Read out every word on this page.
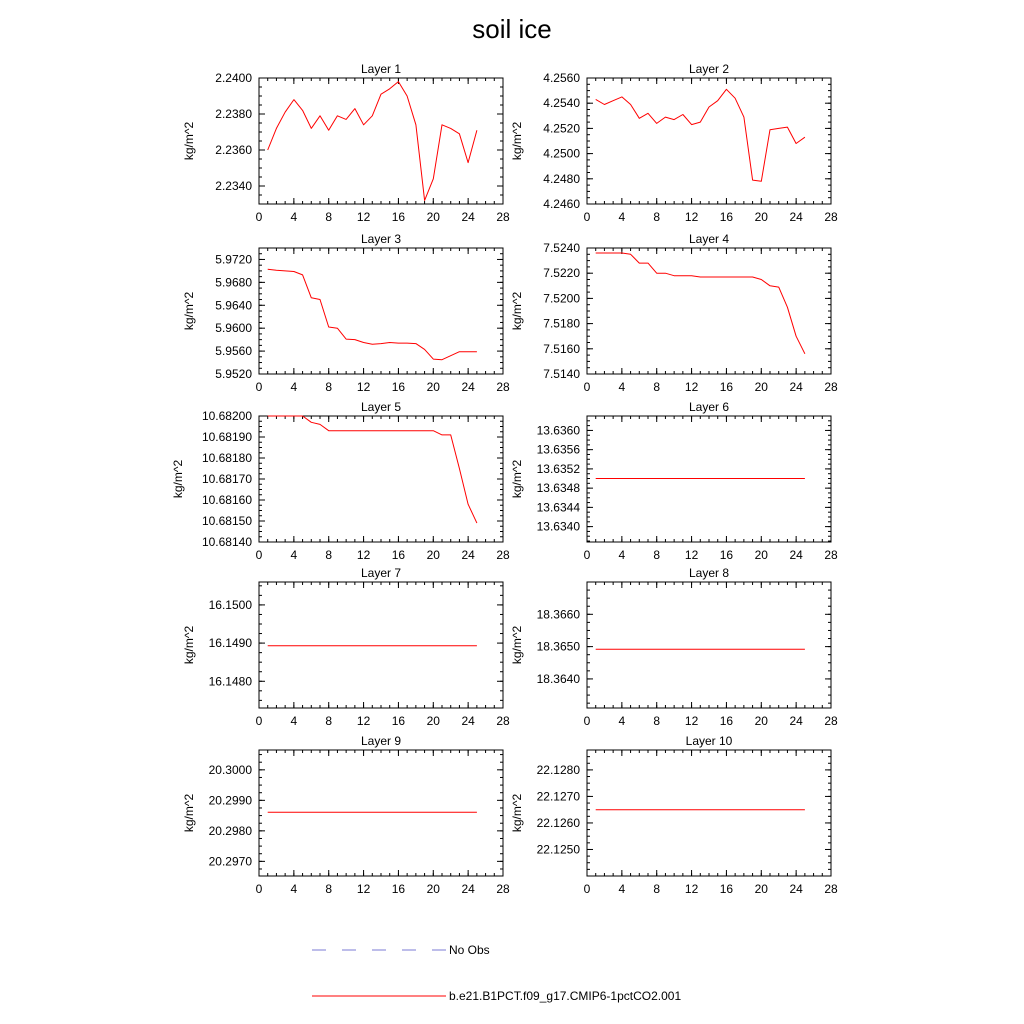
soil ice
Layer 1
0 4 8 12 16 20 24 28
2.2340
2.2360
2.2380
2.2400
kg/m^2
Layer 2
0 4 8 12 16 20 24 28
4.2460
4.2480
4.2500
4.2520
4.2540
4.2560
kg/m^2
Layer 3
0 4 8 12 16 20 24 28
5.9520
5.9560
5.9600
5.9640
5.9680
5.9720
kg/m^2
Layer 4
0 4 8 12 16 20 24 28
7.5140
7.5160
7.5180
7.5200
7.5220
7.5240
kg/m^2
Layer 5
0 4 8 12 16 20 24 28
10.68140
10.68150
10.68160
10.68170
10.68180
10.68190
10.68200
kg/m^2
Layer 6
0 4 8 12 16 20 24 28
13.6340
13.6344
13.6348
13.6352
13.6356
13.6360
kg/m^2
Layer 7
0 4 8 12 16 20 24 28
16.1480
16.1490
16.1500
kg/m^2
Layer 8
0 4 8 12 16 20 24 28
18.3640
18.3650
18.3660
kg/m^2
Layer 9
0 4 8 12 16 20 24 28
20.2970
20.2980
20.2990
20.3000
kg/m^2
Layer 10
0 4 8 12 16 20 24 28
22.1250
22.1260
22.1270
22.1280
kg/m^2
No Obs
b.e21.B1PCT.f09_g17.CMIP6-1pctCO2.001
